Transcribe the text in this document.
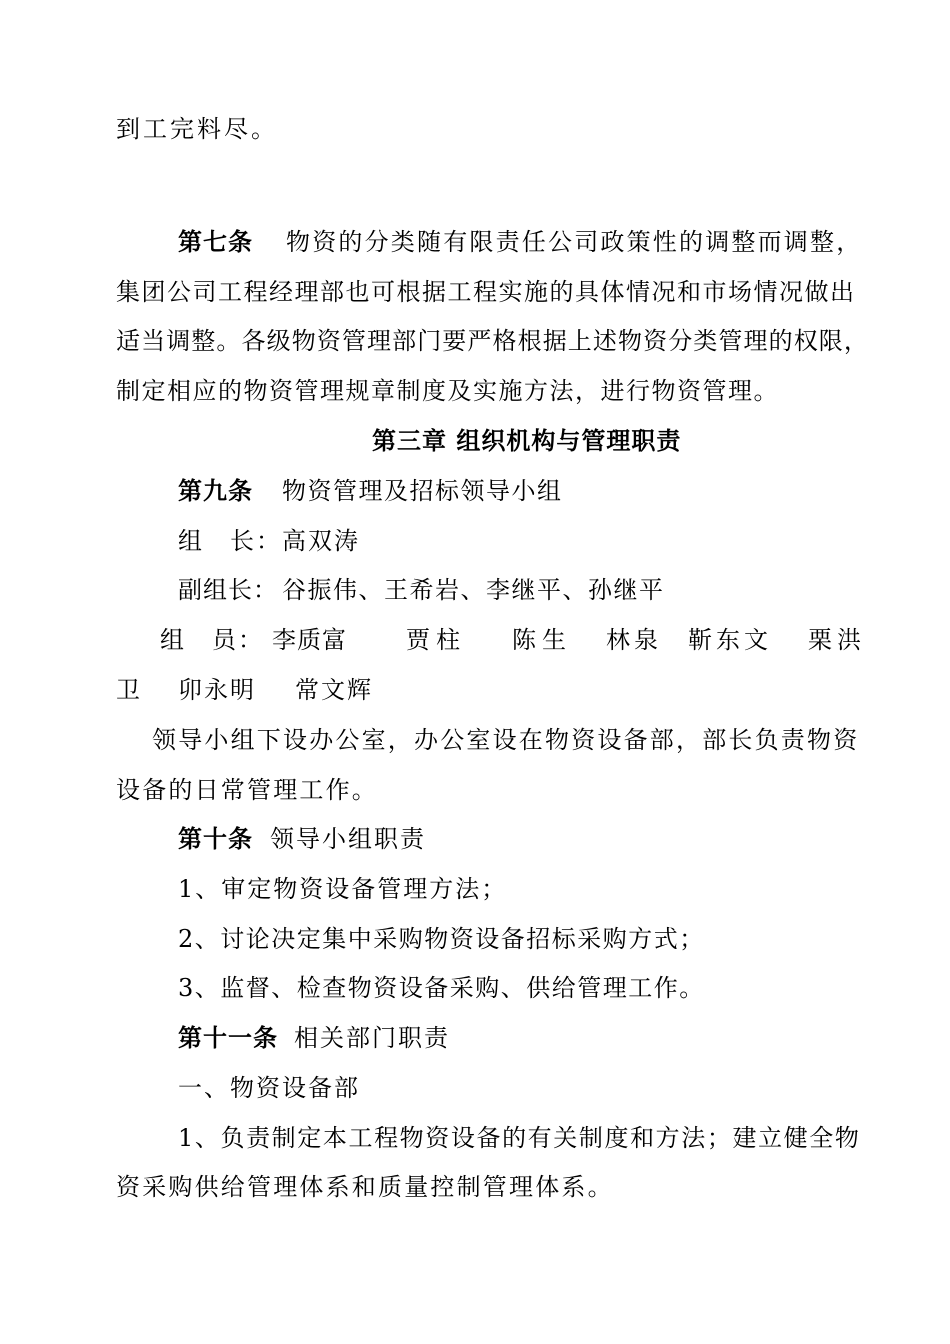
到工完料尽。
第七条 物资的分类随有限责任公司政策性的调整而调整，
集团公司工程经理部也可根据工程实施的具体情况和市场情况做出
适当调整。各级物资管理部门要严格根据上述物资分类管理的权限，
制定相应的物资管理规章制度及实施方法，进行物资管理。
第三章 组织机构与管理职责
第九条 物资管理及招标领导小组
组　长： 高双涛
副组长： 谷振伟、王希岩、李继平、孙继平
组　员： 李质富 贾柱 陈生 林泉 靳东文 栗洪
卫 卯永明 常文辉
领导小组下设办公室，办公室设在物资设备部，部长负责物资
设备的日常管理工作。
第十条 领导小组职责
1、审定物资设备管理方法；
2、讨论决定集中采购物资设备招标采购方式；
3、监督、检查物资设备采购、供给管理工作。
第十一条 相关部门职责
一、物资设备部
1、负责制定本工程物资设备的有关制度和方法；建立健全物
资采购供给管理体系和质量控制管理体系。
